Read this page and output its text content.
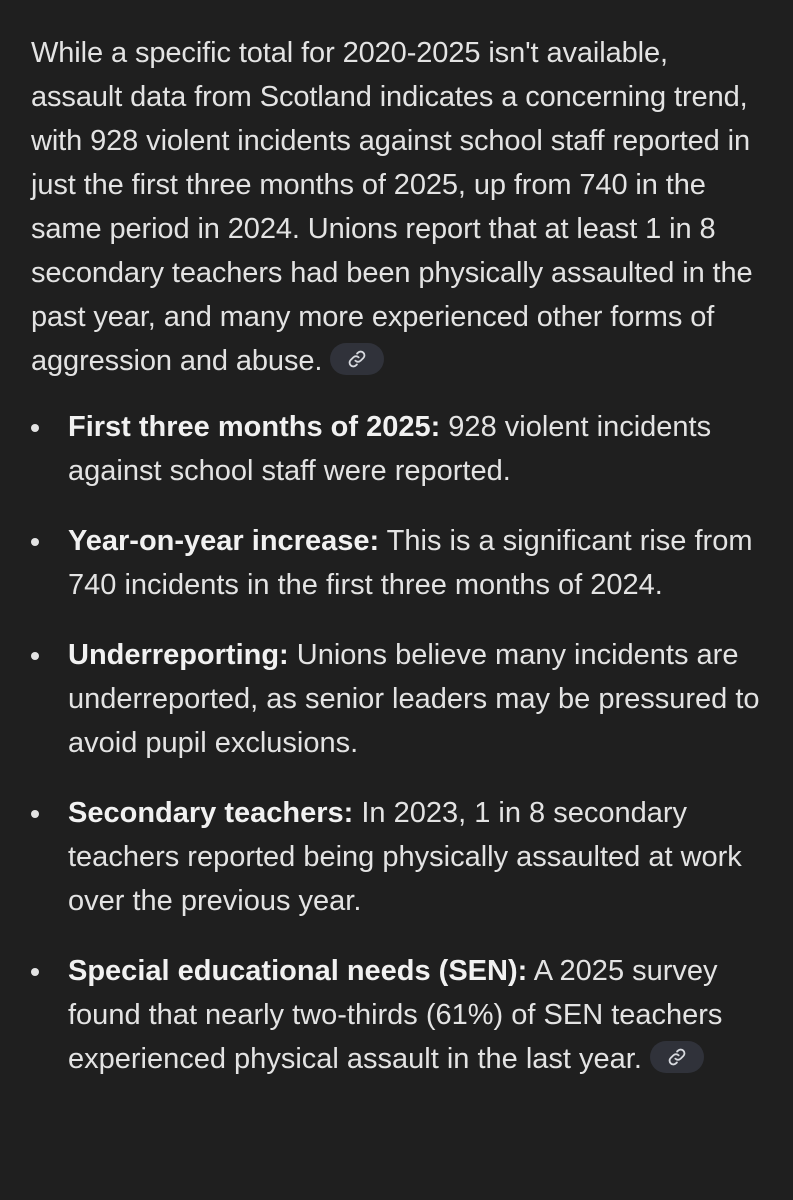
While a specific total for 2020-2025 isn't available, assault data from Scotland indicates a concerning trend, with 928 violent incidents against school staff reported in just the first three months of 2025, up from 740 in the same period in 2024. Unions report that at least 1 in 8 secondary teachers had been physically assaulted in the past year, and many more experienced other forms of aggression and abuse.

First three months of 2025: 928 violent incidents against school staff were reported.
Year-on-year increase: This is a significant rise from 740 incidents in the first three months of 2024.
Underreporting: Unions believe many incidents are underreported, as senior leaders may be pressured to avoid pupil exclusions.
Secondary teachers: In 2023, 1 in 8 secondary teachers reported being physically assaulted at work over the previous year.
Special educational needs (SEN): A 2025 survey found that nearly two-thirds (61%) of SEN teachers experienced physical assault in the last year.
